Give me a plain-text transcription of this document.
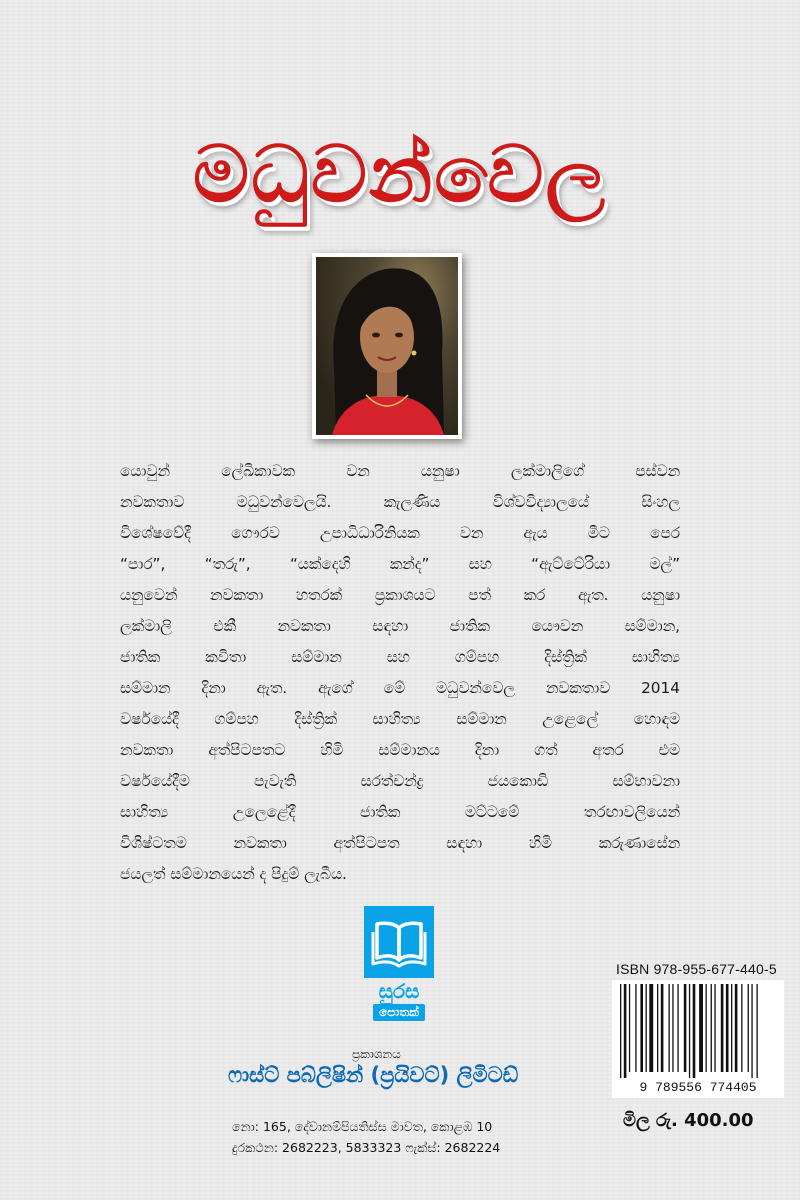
මධුවන්වෙල
යොවුන් ලේඛිකාවක වන යනුෂා ලක්මාලිගේ පස්වන
නවකතාව මධුවන්වෙලයි. කැලණිය විශ්වවිද්‍යාලයේ සිංහල
විශේෂවේදී ගෞරව උපාධිධාරිනියක වන ඇය මීට පෙර
“පාර”, “තරු”, “යක්දෙහි කන්ද” සහ “ඇට්ටේරියා මල්”
යනුවෙන් නවකතා හතරක් ප්‍රකාශයට පත් කර ඇත. යනුෂා
ලක්මාලි එකී නවකතා සඳහා ජාතික යෞවන සම්මාන,
ජාතික කවිතා සම්මාන සහ ගම්පහ දිස්ත්‍රික් සාහිත්‍ය
සම්මාන දිනා ඇත. ඇගේ මේ මධුවන්වෙල නවකතාව 2014
වර්ෂයේදී ගම්පහ දිස්ත්‍රික් සාහිත්‍ය සම්මාන උළෙලේ හොඳම
නවකතා අත්පිටපතට හිමි සම්මානය දිනා ගත් අතර එම
වර්ෂයේදීම පැවැති සරත්චන්ද්‍ර ජයකොඩි සම්භාවනා
සාහිත්‍ය උලෙළේදී ජාතික මට්ටමේ තරඟාවලියෙන්
විශිෂ්ටතම නවකතා අත්පිටපත සඳහා හිමි කරුණාසේන
ජයලත් සම්මානයෙන් ද පිදුම් ලැබීය.
සුරස
පොතක්
ප්‍රකාශනය
ෆාස්ට් පබ්ලිෂින් (ප්‍රයිවට්) ලිමිටඩ්
නො: 165, දේවානම්පියතිස්ස මාවත, කොළඹ 10
දුරකථන: 2682223, 5833323 ෆැක්ස්: 2682224
ISBN 978-955-677-440-5
9 789556 774405
මිල රු. 400.00
